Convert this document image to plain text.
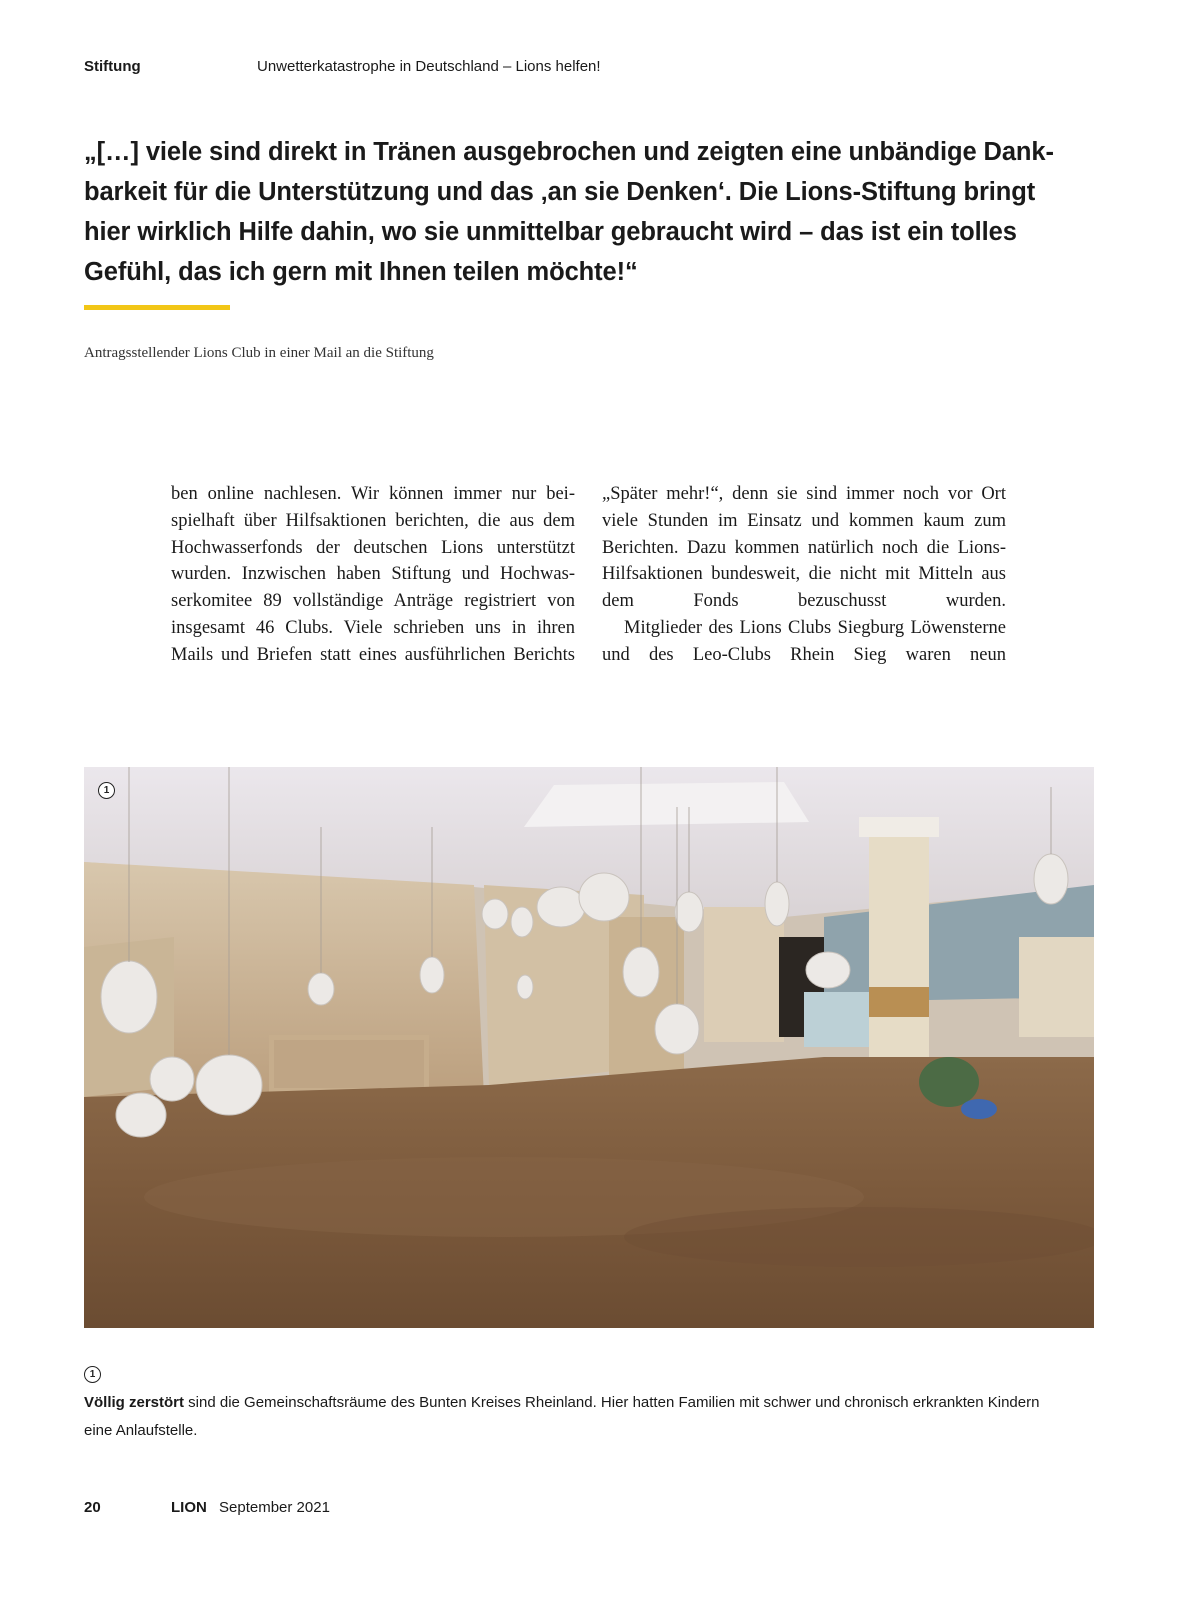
Stiftung	Unwetterkatastrophe in Deutschland – Lions helfen!
„[…] viele sind direkt in Tränen ausgebrochen und zeigten eine unbändige Dank-
barkeit für die Unterstützung und das ‚an sie Denken‘. Die Lions-Stiftung bringt
hier wirklich Hilfe dahin, wo sie unmittelbar gebraucht wird – das ist ein tolles
Gefühl, das ich gern mit Ihnen teilen möchte!“
Antragsstellender Lions Club in einer Mail an die Stiftung

ben online nachlesen. Wir können immer nur beispielhaft über Hilfsaktionen berichten, die aus dem Hochwasserfonds der deutschen Lions unterstützt wurden. Inzwischen haben Stiftung und Hochwasserkomitee 89 vollständige Anträge registriert von insgesamt 46 Clubs. Viele schrieben uns in ihren Mails und Briefen statt eines ausführlichen Berichts

„Später mehr!“, denn sie sind immer noch vor Ort viele Stunden im Einsatz und kommen kaum zum Berichten. Dazu kommen natürlich noch die Lions-Hilfsaktionen bundesweit, die nicht mit Mitteln aus dem Fonds bezuschusst wurden.

Mitglieder des Lions Clubs Siegburg Löwensterne und des Leo-Clubs Rhein Sieg waren neun

1
1

Völlig zerstört sind die Gemeinschaftsräume des Bunten Kreises Rheinland. Hier hatten Familien mit schwer und chronisch erkrankten Kindern eine Anlaufstelle.

20	LION September 2021
